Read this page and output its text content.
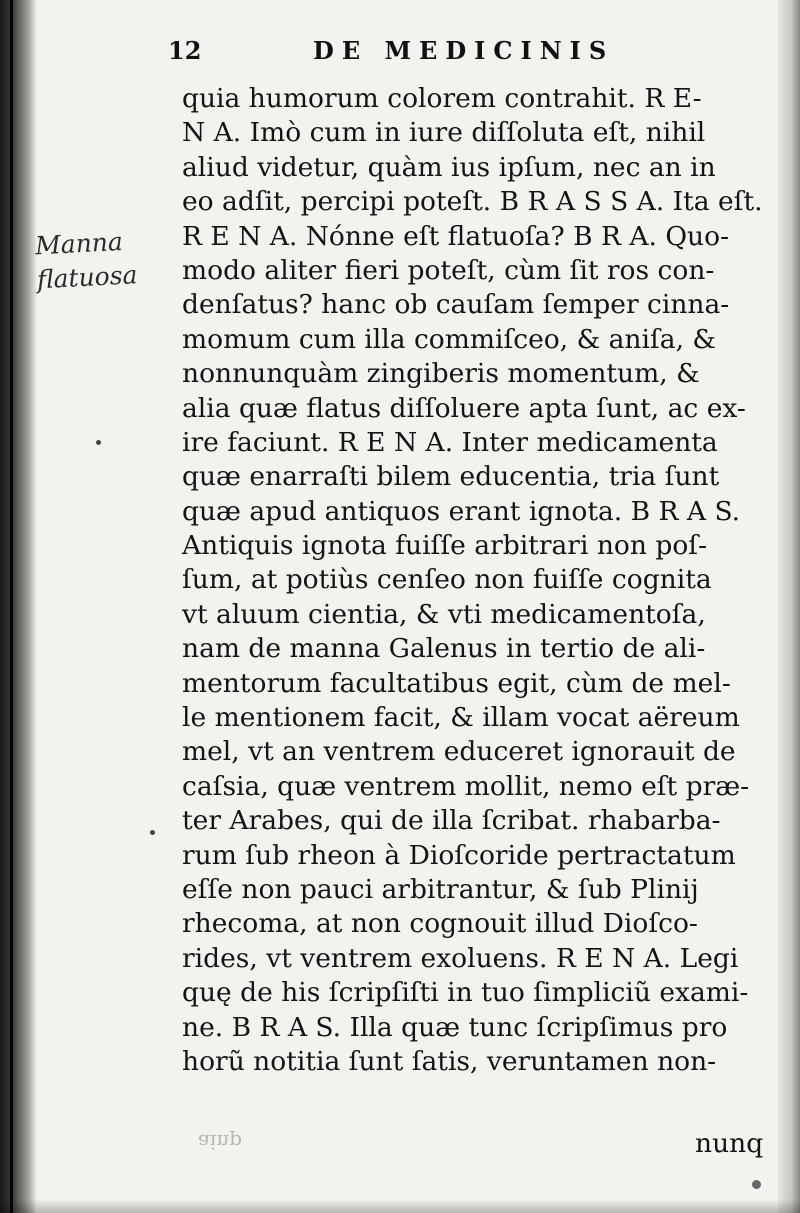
12	DE MEDICINIS
Manna
flatuosa
quia humorum colorem contrahit. R E-
N A. Imò cum in iure diſſoluta eſt, nihil
aliud videtur, quàm ius ipſum, nec an in
eo adſit, percipi poteſt. B R A S S A. Ita eſt.
R E N A. Nónne eſt flatuoſa? B R A. Quo-
modo aliter fieri poteſt, cùm ſit ros con-
denſatus? hanc ob cauſam ſemper cinna-
momum cum illa commiſceo, & aniſa, &
nonnunquàm zingiberis momentum, &
alia quæ flatus diſſoluere apta ſunt, ac ex-
ire faciunt. R E N A. Inter medicamenta
quæ enarraſti bilem educentia, tria ſunt
quæ apud antiquos erant ignota. B R A S.
Antiquis ignota fuiſſe arbitrari non poſ-
ſum, at potiùs cenſeo non fuiſſe cognita
vt aluum cientia, & vti medicamentoſa,
nam de manna Galenus in tertio de ali-
mentorum facultatibus egit, cùm de mel-
le mentionem facit, & illam vocat aëreum
mel, vt an ventrem educeret ignorauit de
caſsia, quæ ventrem mollit, nemo eſt præ-
ter Arabes, qui de illa ſcribat. rhabarba-
rum ſub rheon à Dioſcoride pertractatum
eſſe non pauci arbitrantur, & ſub Plinij
rhecoma, at non cognouit illud Dioſco-
rides, vt ventrem exoluens. R E N A. Legi
quę de his ſcripſiſti in tuo ſimpliciũ exami-
ne. B R A S. Illa quæ tunc ſcripſimus pro
horũ notitia ſunt ſatis, veruntamen non-
ainp	nunq
